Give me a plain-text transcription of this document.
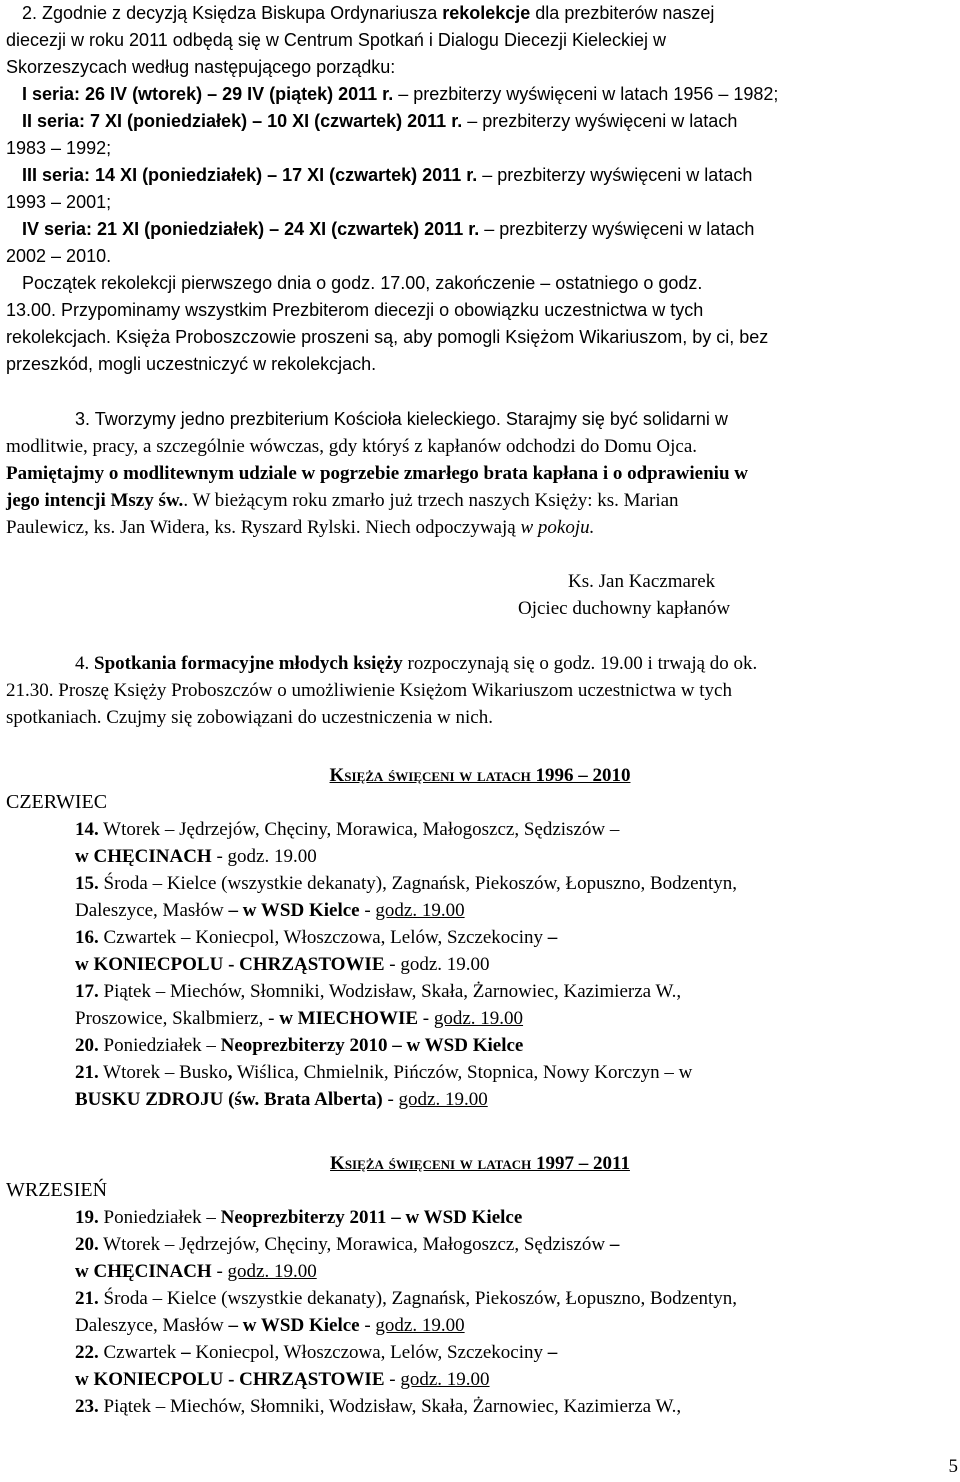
2. Zgodnie z decyzją Księdza Biskupa Ordynariusza rekolekcje dla prezbiterów naszej
diecezji w roku 2011 odbędą się w Centrum Spotkań i Dialogu Diecezji Kieleckiej w
Skorzeszycach według następującego porządku:
I seria: 26 IV (wtorek) – 29 IV (piątek) 2011 r. – prezbiterzy wyświęceni w latach 1956 – 1982;
II seria: 7 XI (poniedziałek) – 10 XI (czwartek) 2011 r. – prezbiterzy wyświęceni w latach
1983 – 1992;
III seria: 14 XI (poniedziałek) – 17 XI (czwartek) 2011 r. – prezbiterzy wyświęceni w latach
1993 – 2001;
IV seria: 21 XI (poniedziałek) – 24 XI (czwartek) 2011 r. – prezbiterzy wyświęceni w latach
2002 – 2010.
Początek rekolekcji pierwszego dnia o godz. 17.00, zakończenie – ostatniego o godz.
13.00. Przypominamy wszystkim Prezbiterom diecezji o obowiązku uczestnictwa w tych
rekolekcjach. Księża Proboszczowie proszeni są, aby pomogli Księżom Wikariuszom, by ci, bez
przeszkód, mogli uczestniczyć w rekolekcjach.
3. Tworzymy jedno prezbiterium Kościoła kieleckiego. Starajmy się być solidarni w
modlitwie, pracy, a szczególnie wówczas, gdy któryś z kapłanów odchodzi do Domu Ojca.
Pamiętajmy o modlitewnym udziale w pogrzebie zmarłego brata kapłana i o odprawieniu w
jego intencji Mszy św.. W bieżącym roku zmarło już trzech naszych Księży: ks. Marian
Paulewicz, ks. Jan Widera, ks. Ryszard Rylski. Niech odpoczywają w pokoju.
Ks. Jan Kaczmarek
Ojciec duchowny kapłanów
4. Spotkania formacyjne młodych księży rozpoczynają się o godz. 19.00 i trwają do ok.
21.30. Proszę Księży Proboszczów o umożliwienie Księżom Wikariuszom uczestnictwa w tych
spotkaniach. Czujmy się zobowiązani do uczestniczenia w nich.
Księża święceni w latach 1996 – 2010
CZERWIEC
14. Wtorek – Jędrzejów, Chęciny, Morawica, Małogoszcz, Sędziszów –
w CHĘCINACH - godz. 19.00
15. Środa – Kielce (wszystkie dekanaty), Zagnańsk, Piekoszów, Łopuszno, Bodzentyn,
Daleszyce, Masłów – w WSD Kielce - godz. 19.00
16. Czwartek – Koniecpol, Włoszczowa, Lelów, Szczekociny –
w KONIECPOLU - CHRZĄSTOWIE - godz. 19.00
17. Piątek – Miechów, Słomniki, Wodzisław, Skała, Żarnowiec, Kazimierza W.,
Proszowice, Skalbmierz, - w MIECHOWIE - godz. 19.00
20. Poniedziałek – Neoprezbiterzy 2010 – w WSD Kielce
21. Wtorek – Busko, Wiślica, Chmielnik, Pińczów, Stopnica, Nowy Korczyn – w
BUSKU ZDROJU (św. Brata Alberta) - godz. 19.00
Księża święceni w latach 1997 – 2011
WRZESIEŃ
19. Poniedziałek – Neoprezbiterzy 2011 – w WSD Kielce
20. Wtorek – Jędrzejów, Chęciny, Morawica, Małogoszcz, Sędziszów –
w CHĘCINACH - godz. 19.00
21. Środa – Kielce (wszystkie dekanaty), Zagnańsk, Piekoszów, Łopuszno, Bodzentyn,
Daleszyce, Masłów – w WSD Kielce - godz. 19.00
22. Czwartek – Koniecpol, Włoszczowa, Lelów, Szczekociny –
w KONIECPOLU - CHRZĄSTOWIE - godz. 19.00
23. Piątek – Miechów, Słomniki, Wodzisław, Skała, Żarnowiec, Kazimierza W.,
5
